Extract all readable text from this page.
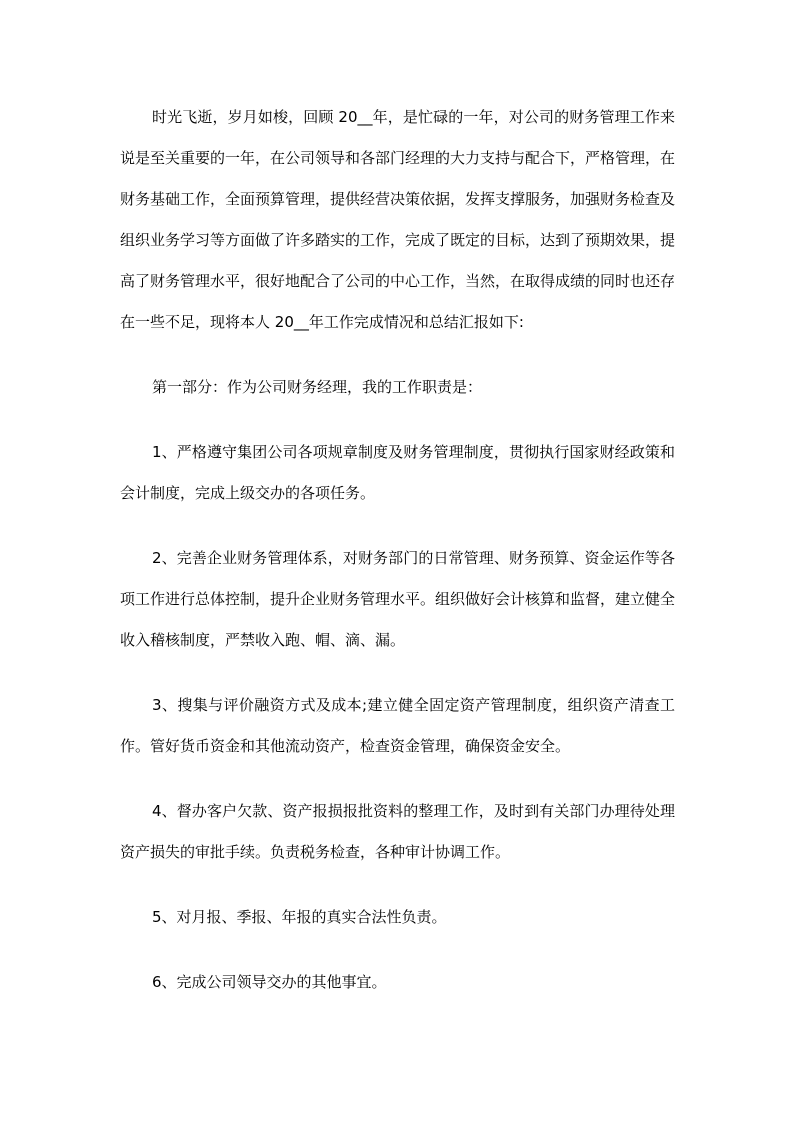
时光飞逝，岁月如梭，回顾 20__年，是忙碌的一年，对公司的财务管理工作来说是至关重要的一年，在公司领导和各部门经理的大力支持与配合下，严格管理，在财务基础工作，全面预算管理，提供经营决策依据，发挥支撑服务，加强财务检查及组织业务学习等方面做了许多踏实的工作，完成了既定的目标，达到了预期效果，提高了财务管理水平，很好地配合了公司的中心工作，当然，在取得成绩的同时也还存在一些不足，现将本人 20__年工作完成情况和总结汇报如下:

第一部分：作为公司财务经理，我的工作职责是：

1、严格遵守集团公司各项规章制度及财务管理制度，贯彻执行国家财经政策和会计制度，完成上级交办的各项任务。

2、完善企业财务管理体系，对财务部门的日常管理、财务预算、资金运作等各项工作进行总体控制，提升企业财务管理水平。组织做好会计核算和监督，建立健全收入稽核制度，严禁收入跑、帽、滴、漏。

3、搜集与评价融资方式及成本;建立健全固定资产管理制度，组织资产清查工作。管好货币资金和其他流动资产，检查资金管理，确保资金安全。

4、督办客户欠款、资产报损报批资料的整理工作，及时到有关部门办理待处理资产损失的审批手续。负责税务检查，各种审计协调工作。

5、对月报、季报、年报的真实合法性负责。

6、完成公司领导交办的其他事宜。
